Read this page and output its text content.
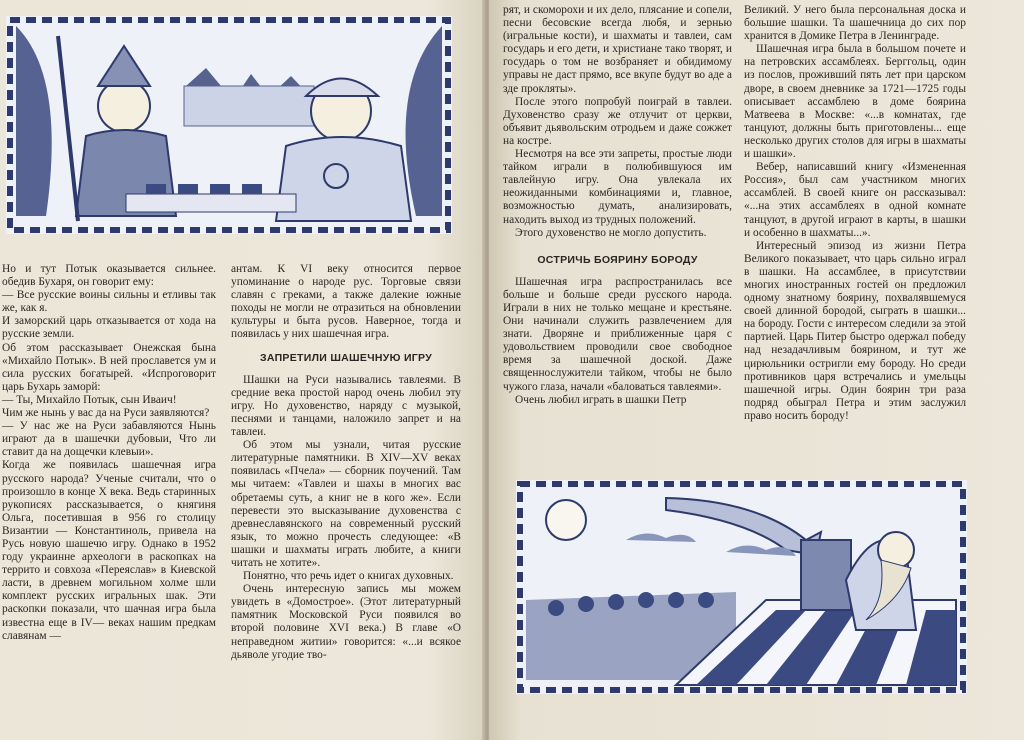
Но и тут Потык оказывается сильнее. обедив Бухаря, он говорит ему:

— Все русские воины сильны и етливы так же, как я.

И заморский царь отказывается от хода на русские земли.

Об этом рассказывает Онежская бына «Михайло Потык». В ней прославется ум и сила русских богатырей. «Испроговорит царь Бухарь заморй:

— Ты, Михайло Потык, сын Иваич!

Чим же нынь у вас да на Руси заявляются?

— У нас же на Руси забавляются Нынь играют да в шашечки дубовыи, Что ли ставит да на дощечки клевыи».

Когда же появилась шашечная игра русского народа? Ученые считали, что о произошло в конце X века. Ведь старинных рукописях рассказывается, о княгиня Ольга, посетившая в 956 го столицу Византии — Константиноль, привела на Русь новую шашечю игру. Однако в 1952 году украинне археологи в раскопках на террито и совхоза «Переяслав» в Киевской ласти, в древнем могильном холме шли комплект русских игральных шак. Эти раскопки показали, что шачная игра была известна еще в IV— веках нашим предкам славянам —

антам. К VI веку относится первое упоминание о народе рус. Торговые связи славян с греками, а также далекие южные походы не могли не отразиться на обновлении культуры и быта русов. Наверное, тогда и появилась у них шашечная игра.

ЗАПРЕТИЛИ ШАШЕЧНУЮ ИГРУ

Шашки на Руси назывались тавлеями. В средние века простой народ очень любил эту игру. Но духовенство, наряду с музыкой, песнями и танцами, наложило запрет и на тавлеи.

Об этом мы узнали, читая русские литературные памятники. В XIV—XV веках появилась «Пчела» — сборник поучений. Там мы читаем: «Тавлеи и шахы в многих вас обретаемы суть, а книг не в кого же». Если перевести это высказывание духовенства с древнеславянского на современный русский язык, то можно прочесть следующее: «В шашки и шахматы играть любите, а книги читать не хотите».

Понятно, что речь идет о книгах духовных.

Очень интересную запись мы можем увидеть в «Домострое». (Этот литературный памятник Московской Руси появился во второй половине XVI века.) В главе «О неправедном житии» говорится: «...и всякое дьяволе угодие тво-

рят, и скоморохи и их дело, плясание и сопели, песни бесовские всегда любя, и зернью (игральные кости), и шахматы и тавлеи, сам государь и его дети, и христиане тако творят, и государь о том не возбраняет и обидимому управы не даст прямо, все вкупе будут во аде а зде прокляты».

После этого попробуй поиграй в тавлеи. Духовенство сразу же отлучит от церкви, объявит дьявольским отродьем и даже сожжет на костре.

Несмотря на все эти запреты, простые люди тайком играли в полюбившуюся им тавлейную игру. Она увлекала их неожиданными комбинациями и, главное, возможностью думать, анализировать, находить выход из трудных положений.

Этого духовенство не могло допустить.

ОСТРИЧЬ БОЯРИНУ БОРОДУ

Шашечная игра распространилась все больше и больше среди русского народа. Играли в них не только мещане и крестьяне. Они начинали служить развлечением для знати. Дворяне и приближенные царя с удовольствием проводили свое свободное время за шашечной доской. Даже священнослужители тайком, чтобы не было чужого глаза, начали «баловаться тавлеями».

Очень любил играть в шашки Петр

Великий. У него была персональная доска и большие шашки. Та шашечница до сих пор хранится в Домике Петра в Ленинграде.

Шашечная игра была в большом почете и на петровских ассамблеях. Берггольц, один из послов, проживший пять лет при царском дворе, в своем дневнике за 1721—1725 годы описывает ассамблею в доме боярина Матвеева в Москве: «...в комнатах, где танцуют, должны быть приготовлены... еще несколько других столов для игры в шахматы и шашки».

Вебер, написавший книгу «Измененная Россия», был сам участником многих ассамблей. В своей книге он рассказывал: «...на этих ассамблеях в одной комнате танцуют, в другой играют в карты, в шашки и особенно в шахматы...».

Интересный эпизод из жизни Петра Великого показывает, что царь сильно играл в шашки. На ассамблее, в присутствии многих иностранных гостей он предложил одному знатному боярину, похвалявшемуся своей длинной бородой, сыграть в шашки... на бороду. Гости с интересом следили за этой партией. Царь Питер быстро одержал победу над незадачливым боярином, и тут же цирюльники остригли ему бороду. Но среди противников царя встречались и умельцы шашечной игры. Один боярин три раза подряд обыграл Петра и этим заслужил право носить бороду!
